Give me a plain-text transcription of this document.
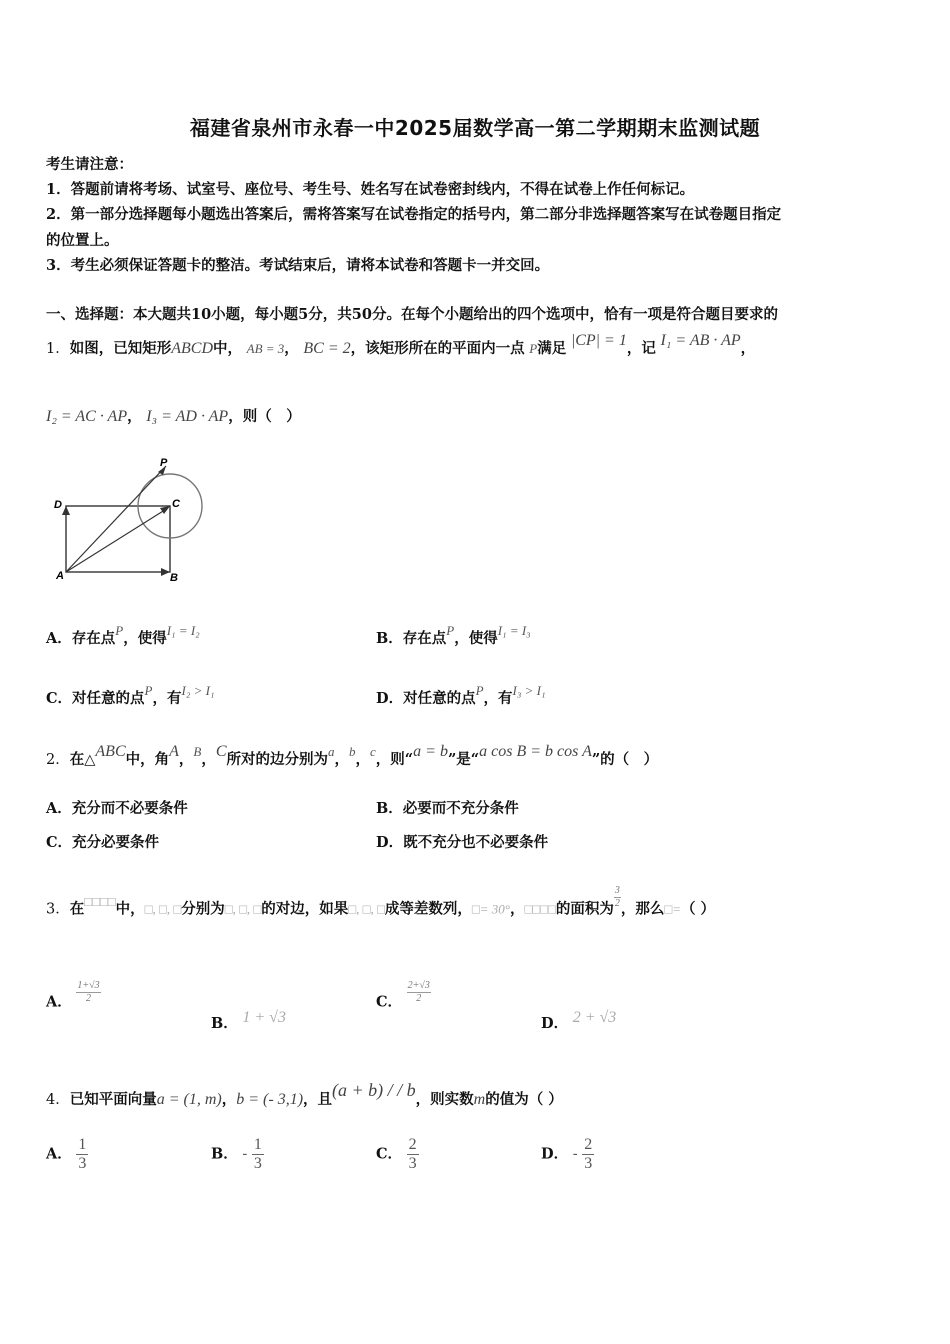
福建省泉州市永春一中2025届数学高一第二学期期末监测试题
考生请注意：
1．答题前请将考场、试室号、座位号、考生号、姓名写在试卷密封线内，不得在试卷上作任何标记。
2．第一部分选择题每小题选出答案后，需将答案写在试卷指定的括号内，第二部分非选择题答案写在试卷题目指定
的位置上。
3．考生必须保证答题卡的整洁。考试结束后，请将本试卷和答题卡一并交回。
一、选择题：本大题共10小题，每小题5分，共50分。在每个小题给出的四个选项中，恰有一项是符合题目要求的
1．如图，已知矩形ABCD中， AB = 3， BC = 2，该矩形所在的平面内一点 P满足 |CP| = 1，记 I₁ = AB · AP，
I₂ = AC · AP， I₃ = AD · AP，则（　）
P
C
D
A	B
A．存在点P，使得I₁ = I₂	B．存在点P，使得I₁ = I₃
C．对任意的点P，有I₂ > I₁	D．对任意的点P，有I₃ > I₁
2．在△ABC中，角A，B，C所对的边分别为a，b，c，则“a = b”是“a cos B = b cos A”的（　）
A．充分而不必要条件	B．必要而不充分条件
C．充分必要条件	D．既不充分也不必要条件
3．在□□□□中，□, □, □分别为□, □, □的对边，如果□, □, □成等差数列，□= 30°，□□□□的面积为 $\frac{3}{2}$ ，那么□=（ ）
A． $\frac{1+√3}{2}$
B． 1 + √3
C． $\frac{2+√3}{2}$
D． 2 + √3
4．已知平面向量a = (1, m)，b = (- 3,1)，且(a + b) / / b，则实数m的值为（ ）
A． $\frac{1}{3}$	B． - $\frac{1}{3}$	C． $\frac{2}{3}$	D． - $\frac{2}{3}$
